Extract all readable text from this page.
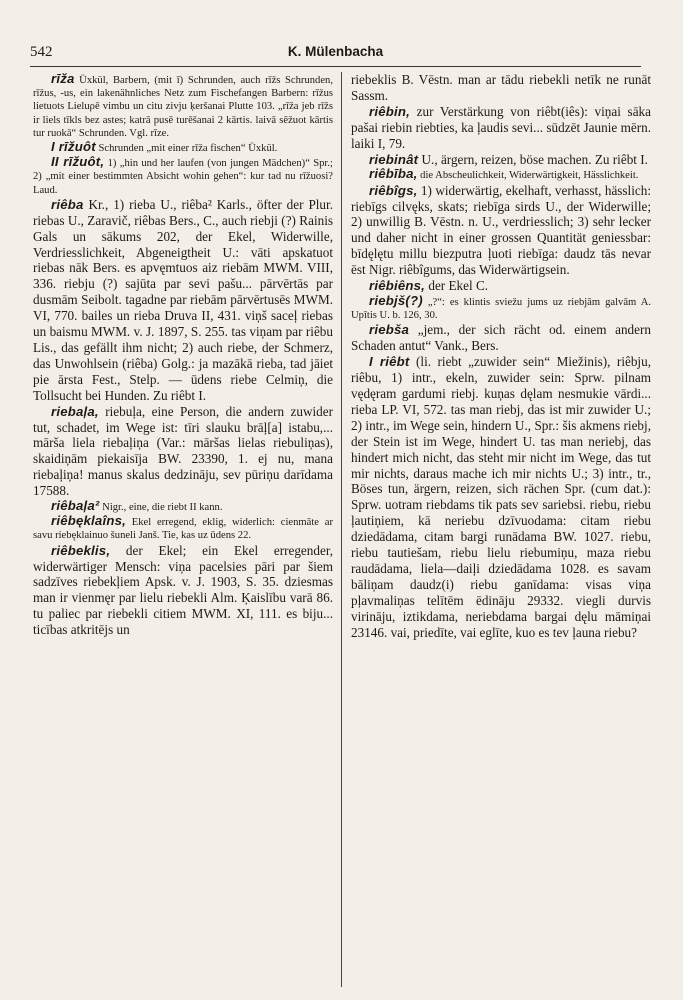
542	K. Mülenbacha

rīža Üxkül, Barbern, (mit ī) Schrunden, auch rīžs Schrunden, rīžus, -us, ein lakenähnliches Netz zum Fischefangen Barbern: rīžus lietuots Lieluρē vimbu un citu zivju ķeršanai Plutte 103. „rīža jeb rīžs ir liels tīkls bez astes; katrā pusē turēšanai 2 kārtis. laivā sēžuot kārtis tur ruokā“ Schrunden. Vgl. rīze.

I rīžuôt Schrunden „mit einer rīža fischen“ Üxkül.

II rīžuôt, 1) „hin und her laufen (von jungen Mädchen)“ Spr.; 2) „mit einer bestimmten Absicht wohin gehen“: kur tad nu rīžuosi? Laud.

riêba Kr., 1) rieba U., riêba² Karls., öfter der Plur. riebas U., Zaravič, riêbas Bers., C., auch riebji (?) Rainis Gals un sākums 202, der Ekel, Widerwille, Verdriesslichkeit, Abgeneigtheit U.: vāti apskatuot riebas nāk Bers. es apvęmtuos aiz riebām MWM. VIII, 336. riebju (?) sajūta par sevi pašu... pārvērtās par dusmām Seibolt. tagadne par riebām pārvērtusēs MWM. VI, 770. bailes un rieba Druva II, 431. viņš saceļ riebas un baismu MWM. v. J. 1897, S. 255. tas viņam par riêbu Lis., das gefällt ihm nicht; 2) auch riebe, der Schmerz, das Unwohlsein (riêba) Golg.: ja mazākā rieba, tad jāiet pie ārsta Fest., Stelp. — ūdens riebe Celmiņ, die Tollsucht bei Hunden. Zu riêbt I.

riebaļa, riebuļa, eine Person, die andern zuwider tut, schadet, im Wege ist: tīri slauku brāļ[a] istabu,... māršа liela riebaļiņa (Var.: māršas lielas riebuliņas), skaidiņām piekaisīja BW. 23390, 1. ej nu, mana riebaļiņa! manus skalus dedzināju, sev pūriņu darīdama 17588.

riêbaļa² Nigr., eine, die riebt II kann.

riêbęklaîns, Ekel erregend, eklig, widerlich: cienmāte ar savu riebęklainuo šuneli Janš. Tie, kas uz ūdens 22.

riêbeklis, der Ekel; ein Ekel erregender, widerwärtiger Mensch: viņa pacelsies pāri par šiem sadzīves riebekļiem Apsk. v. J. 1903, S. 35. dziesmas man ir vienmęr par lielu riebekli Alm. Ķaislību varā 86. tu paliec par riebekli citiem MWM. XI, 111. es biju... ticības atkritējs un

riebeklis B. Vēstn. man ar tādu riebekli netīk ne runāt Sassm.

riêbin, zur Verstärkung von riêbt(iês): viņai sāka pašai riebin riebties, ka ļaudis sevi... sūdzēt Jaunie mērn. laiki I, 79.

riebinât U., ärgern, reizen, böse machen. Zu riêbt I.

riêbība, die Abscheulichkeit, Widerwärtigkeit, Hässlichkeit.

riêbîgs, 1) widerwärtig, ekelhaft, verhasst, hässlich: riebīgs cilvęks, skats; riebīga sirds U., der Widerwille; 2) unwillig B. Vēstn. n. U., verdriesslich; 3) sehr lecker und daher nicht in einer grossen Quantität geniessbar: bīdęlętu millu biezputra ļuoti riebīga: daudz tās nevar ēst Nigr. riêbîgums, das Widerwärtigsein.

riêbiêns, der Ekel C.

riebjš(?) „?“: es klintis sviežu jums uz riebjām galvām A. Upītis U. b. 126, 30.

riebša „jem., der sich rächt od. einem andern Schaden antut“ Vank., Bers.

I riêbt (li. riebt „zuwider sein“ Miežinis), riêbju, riêbu, 1) intr., ekeln, zuwider sein: Sprw. pilnam vędęram gardumi riebj. kuņas dęlam nesmukie vārdi... rieba LP. VI, 572. tas man riebj, das ist mir zuwider U.; 2) intr., im Wege sein, hindern U., Spr.: šis akmens riebj, der Stein ist im Wege, hindert U. tas man neriebj, das hindert mich nicht, das steht mir nicht im Wege, das tut mir nichts, daraus mache ich mir nichts U.; 3) intr., tr., Böses tun, ärgern, reizen, sich rächen Spr. (cum dat.): Sprw. uotram riebdams tik pats sev sariebsi. riebu, riebu ļautiņiem, kā neriebu dzīvuodama: citam riebu dziedādama, citam bargi runādama BW. 1027. riebu, riebu tautiešam, riebu lielu riebumiņu, maza riebu raudādama, liela—daiļi dziedādama 1028. es savam bāliņam daudz(i) riebu ganīdama: visas viņa pļavmaliņas telītēm ēdināju 29332. viegli durvis virināju, iztikdama, neriebdama bargai dęlu māmiņai 23146. vai, priedīte, vai eglīte, kuo es tev ļauna riebu?
